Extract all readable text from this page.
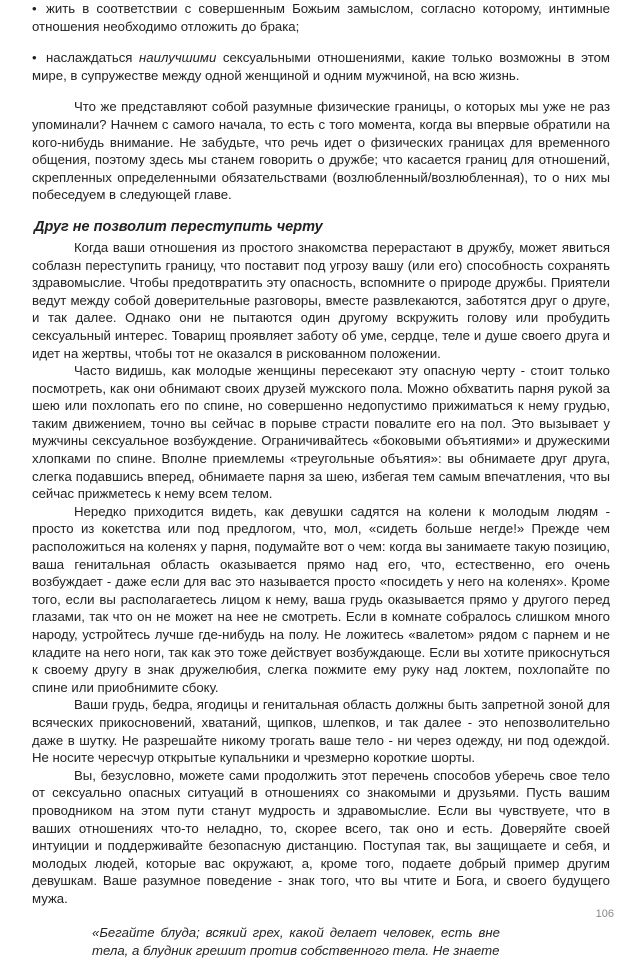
• жить в соответствии с совершенным Божьим замыслом, согласно которому, интимные отношения необходимо отложить до брака;

• наслаждаться наилучшими сексуальными отношениями, какие только возможны в этом мире, в супружестве между одной женщиной и одним мужчиной, на всю жизнь.

Что же представляют собой разумные физические границы, о которых мы уже не раз упоминали? Начнем с самого начала, то есть с того момента, когда вы впервые обратили на кого-нибудь внимание. Не забудьте, что речь идет о физических границах для временного общения, поэтому здесь мы станем говорить о дружбе; что касается границ для отношений, скрепленных определенными обязательствами (возлюбленный/возлюбленная), то о них мы побеседуем в следующей главе.

Друг не позволит переступить черту

Когда ваши отношения из простого знакомства перерастают в дружбу, может явиться соблазн переступить границу, что поставит под угрозу вашу (или его) способность сохранять здравомыслие. Чтобы предотвратить эту опасность, вспомните о природе дружбы. Приятели ведут между собой доверительные разговоры, вместе развлекаются, заботятся друг о друге, и так далее. Однако они не пытаются один другому вскружить голову или пробудить сексуальный интерес. Товарищ проявляет заботу об уме, сердце, теле и душе своего друга и идет на жертвы, чтобы тот не оказался в рискованном положении.

Часто видишь, как молодые женщины пересекают эту опасную черту - стоит только посмотреть, как они обнимают своих друзей мужского пола. Можно обхватить парня рукой за шею или похлопать его по спине, но совершенно недопустимо прижиматься к нему грудью, таким движением, точно вы сейчас в порыве страсти повалите его на пол. Это вызывает у мужчины сексуальное возбуждение. Ограничивайтесь «боковыми объятиями» и дружескими хлопками по спине. Вполне приемлемы «треугольные объятия»: вы обнимаете друг друга, слегка подавшись вперед, обнимаете парня за шею, избегая тем самым впечатления, что вы сейчас прижметесь к нему всем телом.

Нередко приходится видеть, как девушки садятся на колени к молодым людям - просто из кокетства или под предлогом, что, мол, «сидеть больше негде!» Прежде чем расположиться на коленях у парня, подумайте вот о чем: когда вы занимаете такую позицию, ваша генитальная область оказывается прямо над его, что, естественно, его очень возбуждает - даже если для вас это называется просто «посидеть у него на коленях». Кроме того, если вы располагаетесь лицом к нему, ваша грудь оказывается прямо у другого перед глазами, так что он не может на нее не смотреть. Если в комнате собралось слишком много народу, устройтесь лучше где-нибудь на полу. Не ложитесь «валетом» рядом с парнем и не кладите на него ноги, так как это тоже действует возбуждающе. Если вы хотите прикоснуться к своему другу в знак дружелюбия, слегка пожмите ему руку над локтем, похлопайте по спине или приобнимите сбоку.

Ваши грудь, бедра, ягодицы и генитальная область должны быть запретной зоной для всяческих прикосновений, хватаний, щипков, шлепков, и так далее - это непозволительно даже в шутку. Не разрешайте никому трогать ваше тело - ни через одежду, ни под одеждой. Не носите чересчур открытые купальники и чрезмерно короткие шорты.

Вы, безусловно, можете сами продолжить этот перечень способов уберечь свое тело от сексуально опасных ситуаций в отношениях со знакомыми и друзьями. Пусть вашим проводником на этом пути станут мудрость и здравомыслие. Если вы чувствуете, что в ваших отношениях что-то неладно, то, скорее всего, так оно и есть. Доверяйте своей интуиции и поддерживайте безопасную дистанцию. Поступая так, вы защищаете и себя, и молодых людей, которые вас окружают, а, кроме того, подаете добрый пример другим девушкам. Ваше разумное поведение - знак того, что вы чтите и Бога, и своего будущего мужа.

«Бегайте блуда; всякий грех, какой делает человек, есть вне тела, а блудник грешит против собственного тела. Не знаете

106
